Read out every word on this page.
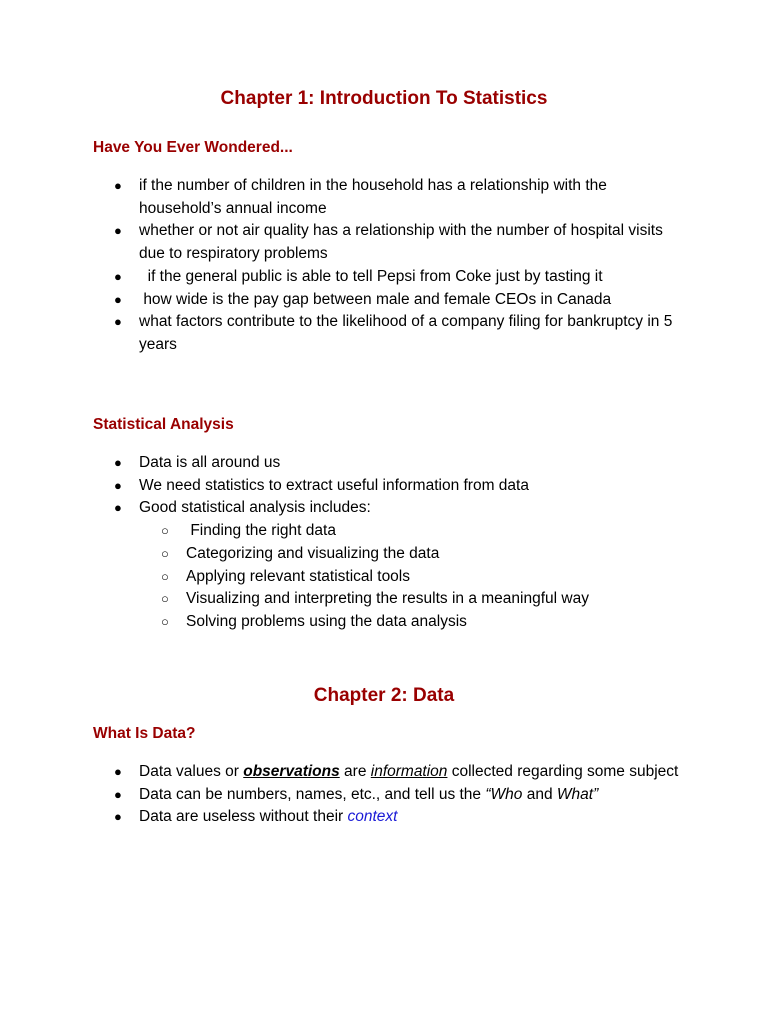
Chapter 1: Introduction To Statistics
Have You Ever Wondered...
● if the number of children in the household has a relationship with the household’s annual income
● whether or not air quality has a relationship with the number of hospital visits due to respiratory problems
● if the general public is able to tell Pepsi from Coke just by tasting it
● how wide is the pay gap between male and female CEOs in Canada
● what factors contribute to the likelihood of a company filing for bankruptcy in 5 years
Statistical Analysis
● Data is all around us
● We need statistics to extract useful information from data
● Good statistical analysis includes:
○ Finding the right data
○ Categorizing and visualizing the data
○ Applying relevant statistical tools
○ Visualizing and interpreting the results in a meaningful way
○ Solving problems using the data analysis
Chapter 2: Data
What Is Data?
● Data values or observations are information collected regarding some subject
● Data can be numbers, names, etc., and tell us the “Who and What”
● Data are useless without their context
